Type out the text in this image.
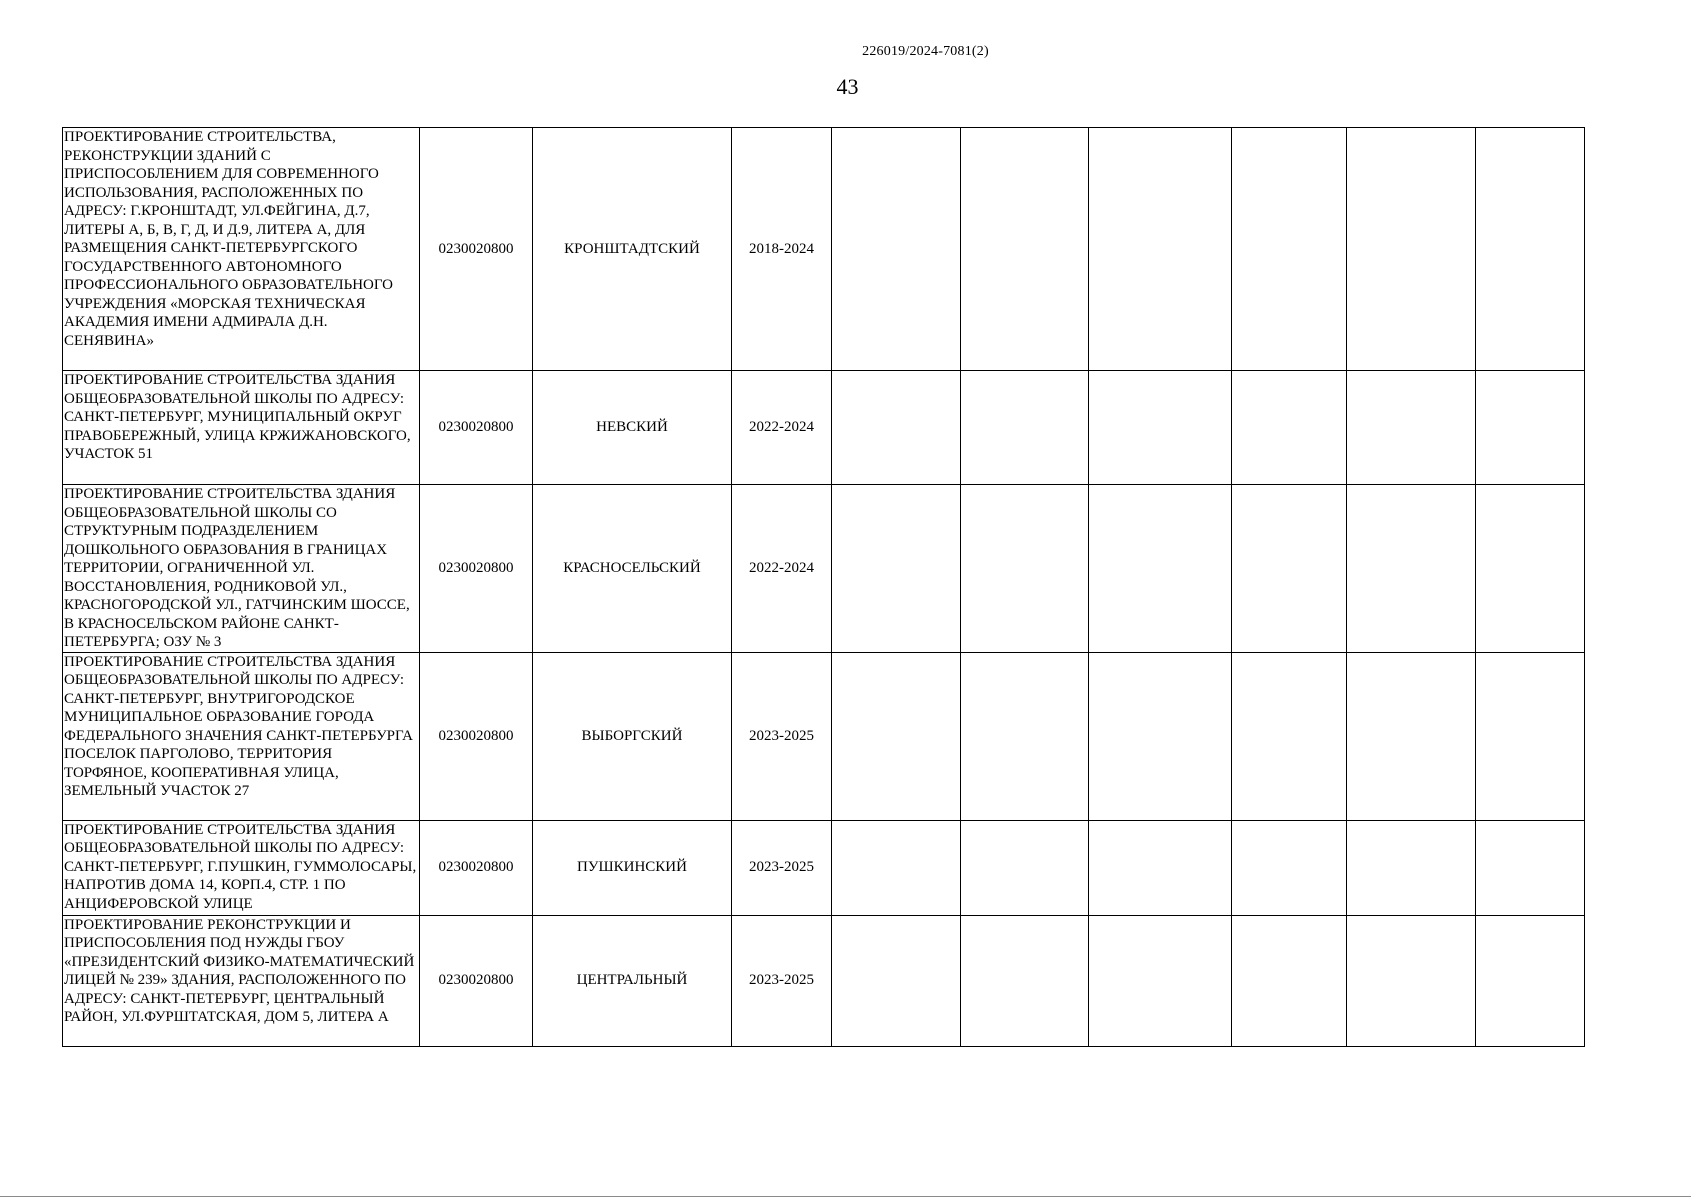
226019/2024-7081(2)
43
ПРОЕКТИРОВАНИЕ СТРОИТЕЛЬСТВА, РЕКОНСТРУКЦИИ ЗДАНИЙ С ПРИСПОСОБЛЕНИЕМ ДЛЯ СОВРЕМЕННОГО ИСПОЛЬЗОВАНИЯ, РАСПОЛОЖЕННЫХ ПО АДРЕСУ: Г.КРОНШТАДТ, УЛ.ФЕЙГИНА, Д.7, ЛИТЕРЫ А, Б, В, Г, Д, И Д.9, ЛИТЕРА А, ДЛЯ РАЗМЕЩЕНИЯ САНКТ-ПЕТЕРБУРГСКОГО ГОСУДАРСТВЕННОГО АВТОНОМНОГО ПРОФЕССИОНАЛЬНОГО ОБРАЗОВАТЕЛЬНОГО УЧРЕЖДЕНИЯ «МОРСКАЯ ТЕХНИЧЕСКАЯ АКАДЕМИЯ ИМЕНИ АДМИРАЛА Д.Н. СЕНЯВИНА»	0230020800	КРОНШТАДТСКИЙ	2018-2024						

ПРОЕКТИРОВАНИЕ СТРОИТЕЛЬСТВА ЗДАНИЯ ОБЩЕОБРАЗОВАТЕЛЬНОЙ ШКОЛЫ ПО АДРЕСУ: САНКТ-ПЕТЕРБУРГ, МУНИЦИПАЛЬНЫЙ ОКРУГ ПРАВОБЕРЕЖНЫЙ, УЛИЦА КРЖИЖАНОВСКОГО, УЧАСТОК 51	0230020800	НЕВСКИЙ	2022-2024						

ПРОЕКТИРОВАНИЕ СТРОИТЕЛЬСТВА ЗДАНИЯ ОБЩЕОБРАЗОВАТЕЛЬНОЙ ШКОЛЫ СО СТРУКТУРНЫМ ПОДРАЗДЕЛЕНИЕМ ДОШКОЛЬНОГО ОБРАЗОВАНИЯ В ГРАНИЦАХ ТЕРРИТОРИИ, ОГРАНИЧЕННОЙ УЛ. ВОССТАНОВЛЕНИЯ, РОДНИКОВОЙ УЛ., КРАСНОГОРОДСКОЙ УЛ., ГАТЧИНСКИМ ШОССЕ, В КРАСНОСЕЛЬСКОМ РАЙОНЕ САНКТ-ПЕТЕРБУРГА; ОЗУ № 3	0230020800	КРАСНОСЕЛЬСКИЙ	2022-2024						

ПРОЕКТИРОВАНИЕ СТРОИТЕЛЬСТВА ЗДАНИЯ ОБЩЕОБРАЗОВАТЕЛЬНОЙ ШКОЛЫ ПО АДРЕСУ: САНКТ-ПЕТЕРБУРГ, ВНУТРИГОРОДСКОЕ МУНИЦИПАЛЬНОЕ ОБРАЗОВАНИЕ ГОРОДА ФЕДЕРАЛЬНОГО ЗНАЧЕНИЯ САНКТ-ПЕТЕРБУРГА ПОСЕЛОК ПАРГОЛОВО, ТЕРРИТОРИЯ ТОРФЯНОЕ, КООПЕРАТИВНАЯ УЛИЦА, ЗЕМЕЛЬНЫЙ УЧАСТОК 27	0230020800	ВЫБОРГСКИЙ	2023-2025						

ПРОЕКТИРОВАНИЕ СТРОИТЕЛЬСТВА ЗДАНИЯ ОБЩЕОБРАЗОВАТЕЛЬНОЙ ШКОЛЫ ПО АДРЕСУ: САНКТ-ПЕТЕРБУРГ, Г.ПУШКИН, ГУММОЛОСАРЫ, НАПРОТИВ ДОМА 14, КОРП.4, СТР. 1 ПО АНЦИФЕРОВСКОЙ УЛИЦЕ	0230020800	ПУШКИНСКИЙ	2023-2025						

ПРОЕКТИРОВАНИЕ РЕКОНСТРУКЦИИ И ПРИСПОСОБЛЕНИЯ ПОД НУЖДЫ ГБОУ «ПРЕЗИДЕНТСКИЙ ФИЗИКО-МАТЕМАТИЧЕСКИЙ ЛИЦЕЙ № 239» ЗДАНИЯ, РАСПОЛОЖЕННОГО ПО АДРЕСУ: САНКТ-ПЕТЕРБУРГ, ЦЕНТРАЛЬНЫЙ РАЙОН, УЛ.ФУРШТАТСКАЯ, ДОМ 5, ЛИТЕРА А	0230020800	ЦЕНТРАЛЬНЫЙ	2023-2025						
